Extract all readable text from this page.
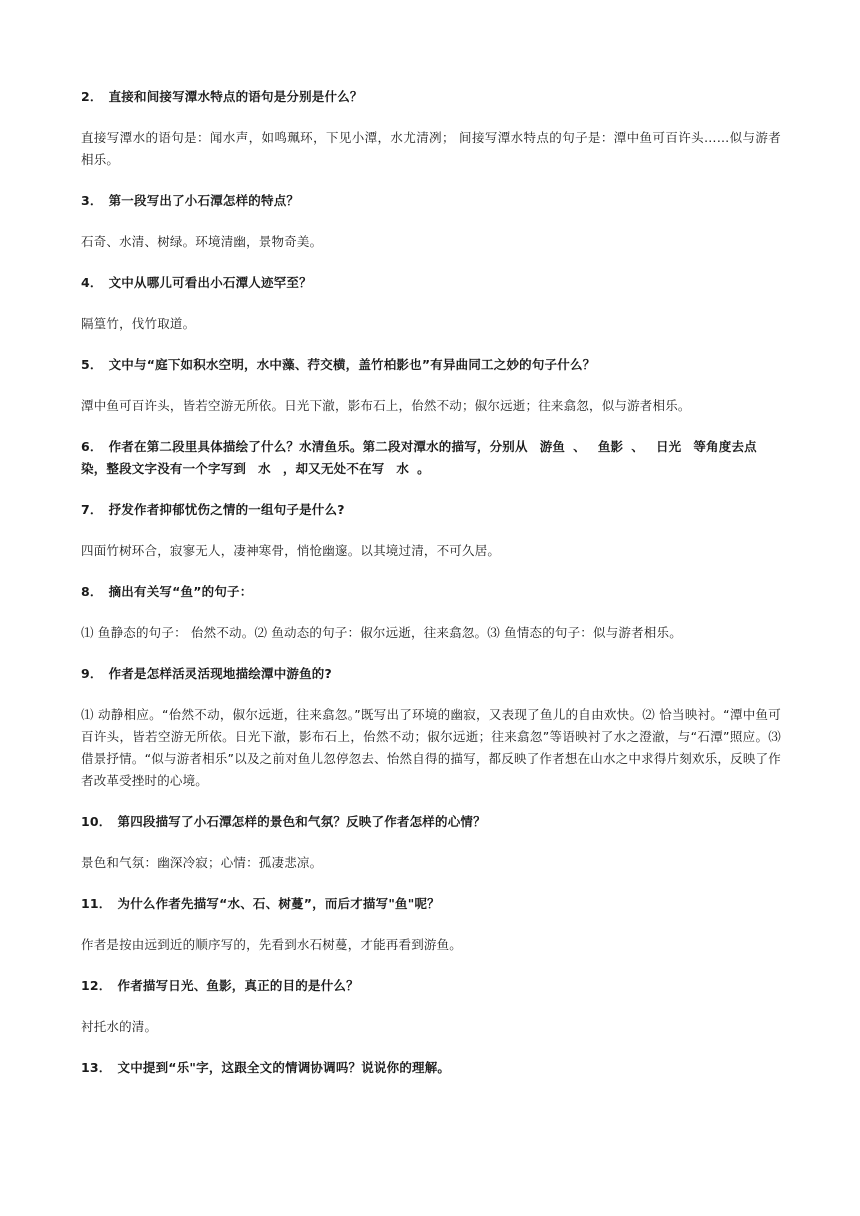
2． 直接和间接写潭水特点的语句是分别是什么？
直接写潭水的语句是：闻水声，如鸣珮环，下见小潭，水尤清冽； 间接写潭水特点的句子是：潭中鱼可百许头……似与游者相乐。
3． 第一段写出了小石潭怎样的特点？
石奇、水清、树绿。环境清幽，景物奇美。
4． 文中从哪儿可看出小石潭人迹罕至？
隔篁竹，伐竹取道。
5． 文中与“庭下如积水空明，水中藻、荇交横，盖竹柏影也”有异曲同工之妙的句子什么？
潭中鱼可百许头，皆若空游无所依。日光下澈，影布石上，佁然不动；俶尔远逝；往来翕忽，似与游者相乐。
6． 作者在第二段里具体描绘了什么？水清鱼乐。第二段对潭水的描写，分别从 游鱼 、 鱼影 、 日光 等角度去点染，整段文字没有一个字写到 水 ，却又无处不在写 水 。
7． 抒发作者抑郁忧伤之情的一组句子是什么?
四面竹树环合，寂寥无人，凄神寒骨，悄怆幽邃。以其境过清，不可久居。
8． 摘出有关写“鱼”的句子：
⑴ 鱼静态的句子： 佁然不动。⑵ 鱼动态的句子：俶尔远逝，往来翕忽。⑶ 鱼情态的句子：似与游者相乐。
9． 作者是怎样活灵活现地描绘潭中游鱼的?
⑴ 动静相应。“佁然不动，俶尔远逝，往来翕忽。”既写出了环境的幽寂，又表现了鱼儿的自由欢快。⑵ 恰当映衬。“潭中鱼可百许头，皆若空游无所依。日光下澈，影布石上，佁然不动；俶尔远逝；往来翕忽”等语映衬了水之澄澈，与“石潭”照应。⑶ 借景抒情。“似与游者相乐”以及之前对鱼儿忽停忽去、怡然自得的描写，都反映了作者想在山水之中求得片刻欢乐，反映了作者改革受挫时的心境。
10． 第四段描写了小石潭怎样的景色和气氛？反映了作者怎样的心情？
景色和气氛：幽深冷寂；心情：孤凄悲凉。
11． 为什么作者先描写“水、石、树蔓”，而后才描写"鱼"呢？
作者是按由远到近的顺序写的，先看到水石树蔓，才能再看到游鱼。
12． 作者描写日光、鱼影，真正的目的是什么？
衬托水的清。
13． 文中提到“乐"字，这跟全文的情调协调吗？说说你的理解。
